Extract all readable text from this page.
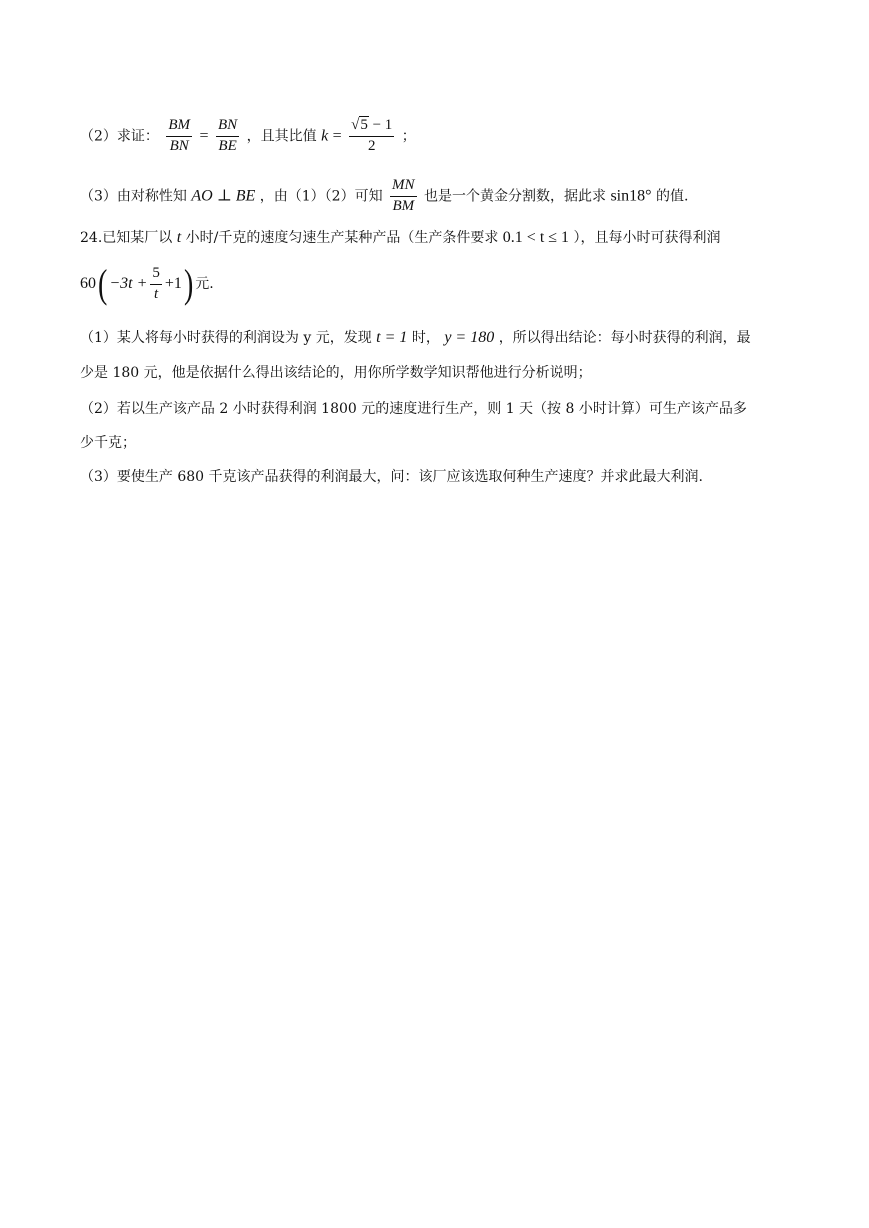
（2）求证： $\frac{BM}{BN} = \frac{BN}{BE}$ ，且其比值 $k = \frac{√5 - 1}{2}$ ；
（3）由对称性知 AO ⊥ BE ，由（1）（2）可知 $\frac{MN}{BM}$ 也是一个黄金分割数，据此求 sin18° 的值.
24.已知某厂以 t 小时/千克的速度匀速生产某种产品（生产条件要求 0.1 < t ≤ 1 ），且每小时可获得利润
$60( -3t + \frac{5}{t} +1)$ 元.
（1）某人将每小时获得的利润设为 y 元，发现 t = 1 时， y = 180 ，所以得出结论：每小时获得的利润，最
少是 180 元，他是依据什么得出该结论的，用你所学数学知识帮他进行分析说明；
（2）若以生产该产品 2 小时获得利润 1800 元的速度进行生产，则 1 天（按 8 小时计算）可生产该产品多
少千克；
（3）要使生产 680 千克该产品获得的利润最大，问：该厂应该选取何种生产速度？并求此最大利润.
